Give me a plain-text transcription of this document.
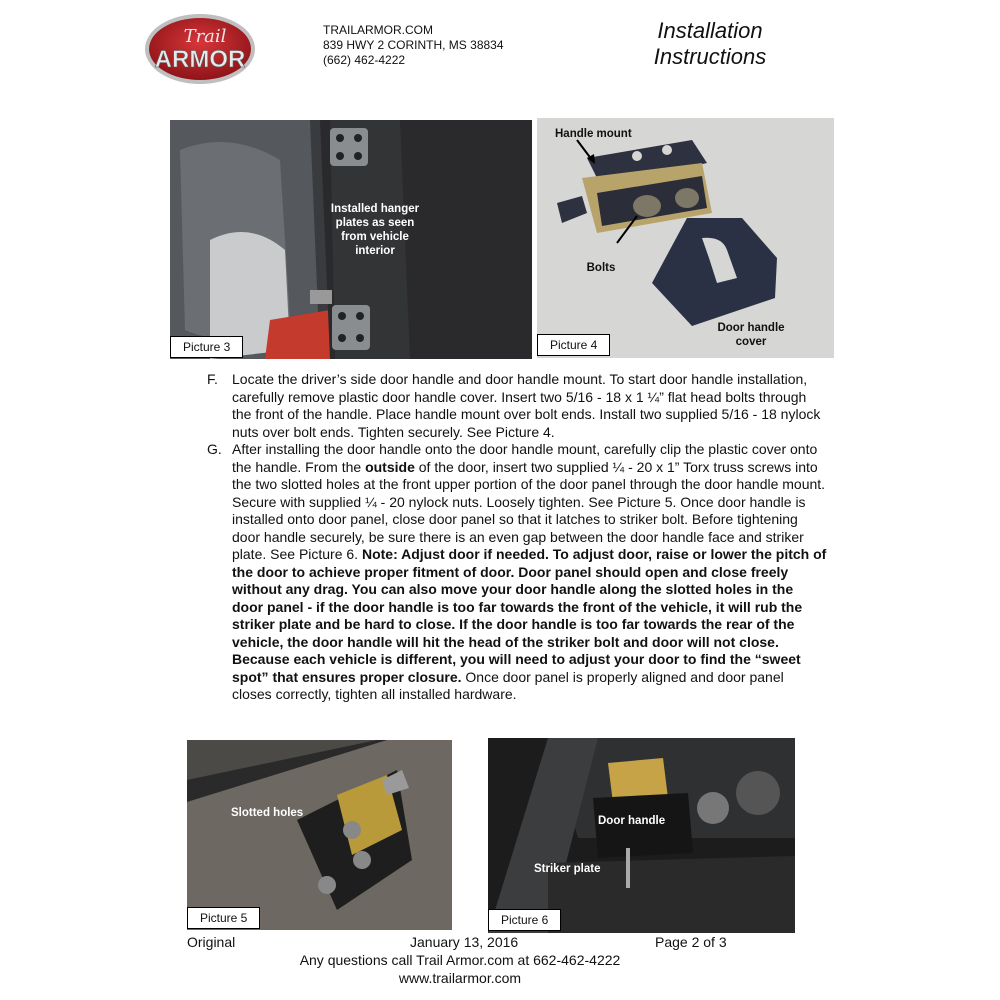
Trail
ARMOR
TRAILARMOR.COM
839 HWY 2 CORINTH, MS 38834
(662) 462-4222
Installation
Instructions
Installed hanger
plates as seen
from vehicle
interior
Picture 3
Handle mount
Bolts
Door handle
cover
Picture 4
F.	Locate the driver’s side door handle and door handle mount. To start door handle installation, carefully remove plastic door handle cover. Insert two 5/16 - 18 x 1 ¼” flat head bolts through the front of the handle. Place handle mount over bolt ends. Install two supplied 5/16 - 18 nylock nuts over bolt ends. Tighten securely. See Picture 4.
G. After installing the door handle onto the door handle mount, carefully clip the plastic cover onto the handle. From the outside of the door, insert two supplied ¼ - 20 x 1” Torx truss screws into the two slotted holes at the front upper portion of the door panel through the door handle mount. Secure with supplied ¼ - 20 nylock nuts. Loosely tighten. See Picture 5. Once door handle is installed onto door panel, close door panel so that it latches to striker bolt. Before tightening door handle securely, be sure there is an even gap between the door handle face and striker plate. See Picture 6. Note: Adjust door if needed. To adjust door, raise or lower the pitch of the door to achieve proper fitment of door. Door panel should open and close freely without any drag. You can also move your door handle along the slotted holes in the door panel - if the door handle is too far towards the front of the vehicle, it will rub the striker plate and be hard to close. If the door handle is too far towards the rear of the vehicle, the door handle will hit the head of the striker bolt and door will not close. Because each vehicle is different, you will need to adjust your door to find the “sweet spot” that ensures proper closure. Once door panel is properly aligned and door panel closes correctly, tighten all installed hardware.
Slotted holes
Picture 5
Door handle
Striker plate
Picture 6
Original	January 13, 2016	Page 2 of 3
Any questions call Trail Armor.com at 662-462-4222
www.trailarmor.com
